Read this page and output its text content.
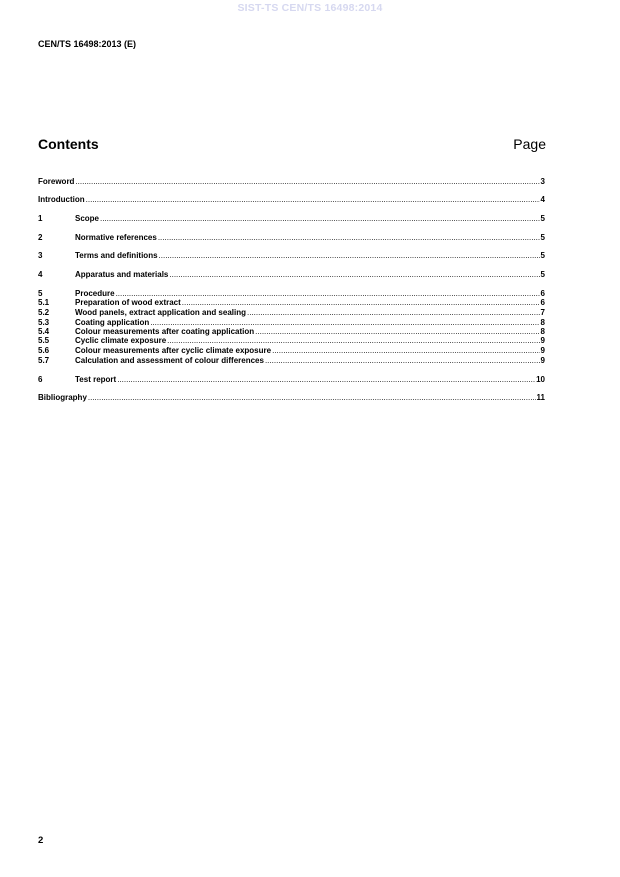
SIST-TS CEN/TS 16498:2014
CEN/TS 16498:2013 (E)
Contents	Page
Foreword .....	3
Introduction .....	4
1	Scope .....	5
2	Normative references .....	5
3	Terms and definitions .....	5
4	Apparatus and materials .....	5
5	Procedure .....	6
5.1	Preparation of wood extract .....	6
5.2	Wood panels, extract application and sealing .....	7
5.3	Coating application .....	8
5.4	Colour measurements after coating application .....	8
5.5	Cyclic climate exposure .....	9
5.6	Colour measurements after cyclic climate exposure .....	9
5.7	Calculation and assessment of colour differences .....	9
6	Test report .....	10
Bibliography .....	11
2
